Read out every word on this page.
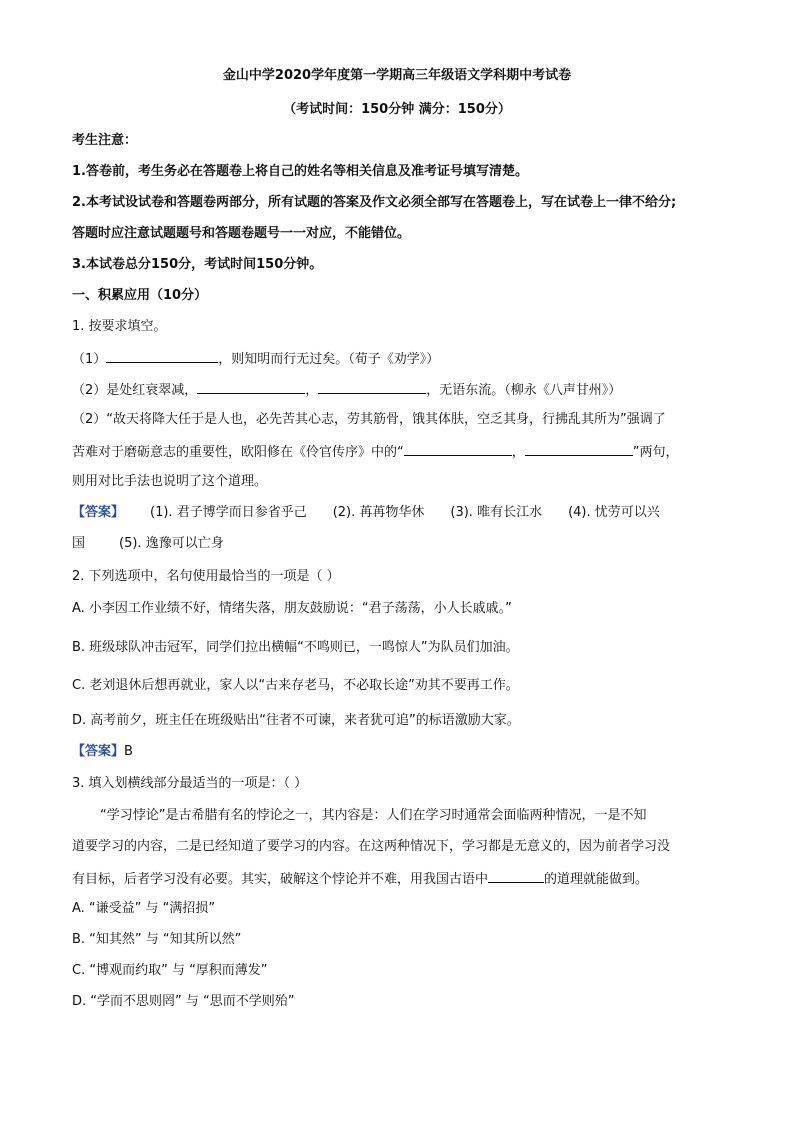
金山中学2020学年度第一学期高三年级语文学科期中考试卷
（考试时间：150分钟 满分：150分）
考生注意：
1.答卷前，考生务必在答题卷上将自己的姓名等相关信息及准考证号填写清楚。
2.本考试设试卷和答题卷两部分，所有试题的答案及作文必须全部写在答题卷上，写在试卷上一律不给分;
答题时应注意试题题号和答题卷题号一一对应，不能错位。
3.本试卷总分150分，考试时间150分钟。
一、积累应用（10分）
1. 按要求填空。
（1）	，则知明而行无过矣。（荀子《劝学》）
（2）是处红衰翠减，	，	，无语东流。（柳永《八声甘州》）
（2）“故天将降大任于是人也，必先苦其心志，劳其筋骨，饿其体肤，空乏其身，行拂乱其所为”强调了
苦难对于磨砺意志的重要性，欧阳修在《伶官传序》中的“	，	”两句，
则用对比手法也说明了这个道理。
【答案】 (1). 君子博学而日参省乎己 (2). 苒苒物华休 (3). 唯有长江水 (4). 忧劳可以兴
国	(5). 逸豫可以亡身
2. 下列选项中，名句使用最恰当的一项是（ ）
A. 小李因工作业绩不好，情绪失落，朋友鼓励说：“君子荡荡，小人长戚戚。”
B. 班级球队冲击冠军，同学们拉出横幅“不鸣则已，一鸣惊人”为队员们加油。
C. 老刘退休后想再就业，家人以“古来存老马，不必取长途”劝其不要再工作。
D. 高考前夕，班主任在班级贴出“往者不可谏，来者犹可追”的标语激励大家。
【答案】B
3. 填入划横线部分最适当的一项是：（ ）
“学习悖论”是古希腊有名的悖论之一，其内容是：人们在学习时通常会面临两种情况，一是不知
道要学习的内容，二是已经知道了要学习的内容。在这两种情况下，学习都是无意义的，因为前者学习没
有目标，后者学习没有必要。其实，破解这个悖论并不难，用我国古语中	的道理就能做到。
A. “谦受益” 与 “满招损”
B. “知其然” 与 “知其所以然”
C. “博观而约取” 与 “厚积而薄发”
D. “学而不思则罔” 与 “思而不学则殆”
